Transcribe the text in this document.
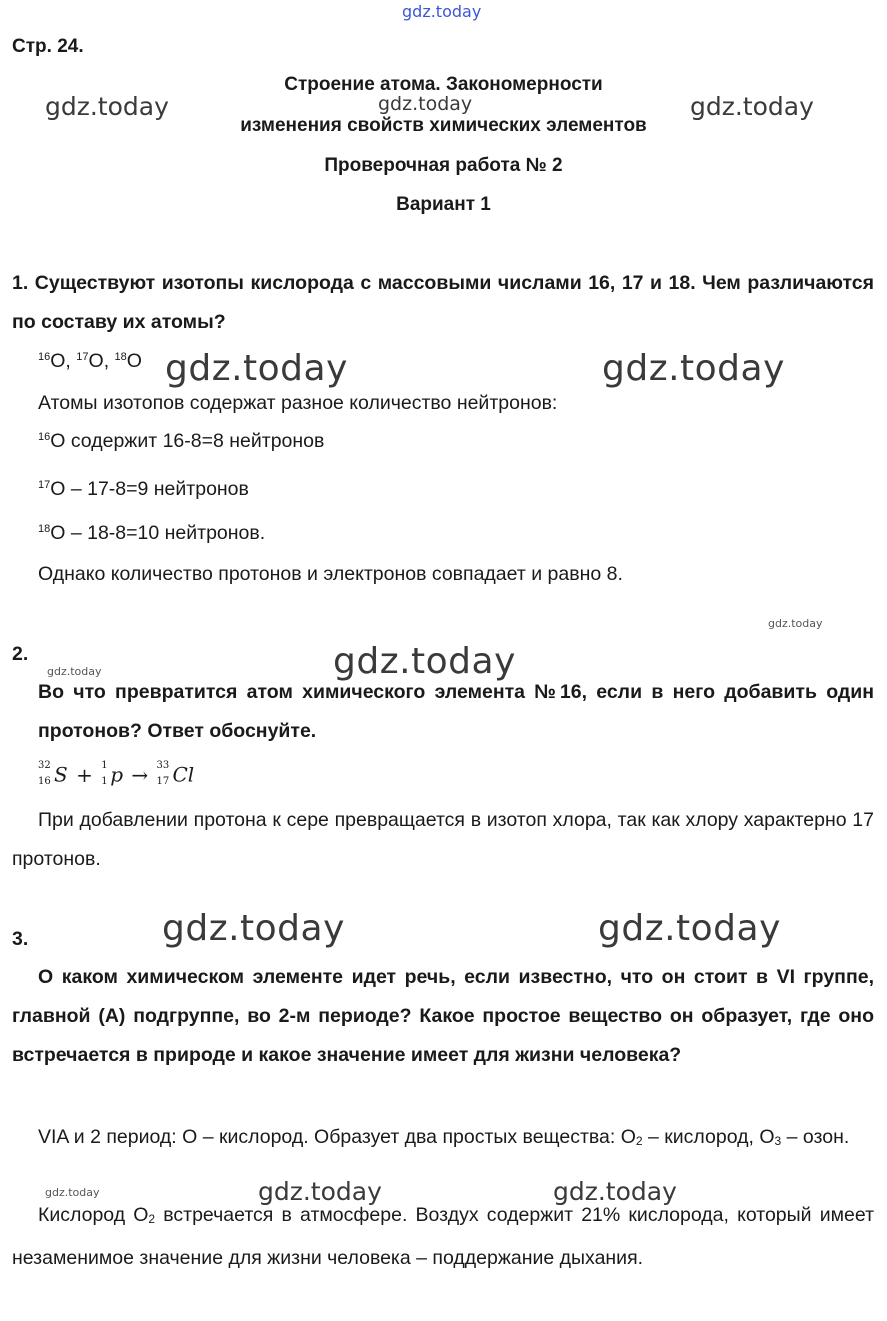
gdz.today
gdz.today	gdz.today	gdz.today
gdz.today	gdz.today
gdz.today
gdz.today	gdz.today
gdz.today	gdz.today
gdz.today	gdz.today	gdz.today
Стр. 24.
Строение атома. Закономерности
изменения свойств химических элементов
Проверочная работа № 2
Вариант 1
1. Существуют изотопы кислорода с массовыми числами 16, 17 и 18. Чем различаются по составу их атомы?
$^{16}$O, $^{17}$O, $^{18}$O
Атомы изотопов содержат разное количество нейтронов:
$^{16}$O содержит 16-8=8 нейтронов
$^{17}$O – 17-8=9 нейтронов
$^{18}$O – 18-8=10 нейтронов.
Однако количество протонов и электронов совпадает и равно 8.
2.
Во что превратится атом химического элемента №16, если в него добавить один протонов? Ответ обоснуйте.
32
16 S + 1
1 p → 33
17 Cl
При добавлении протона к сере превращается в изотоп хлора, так как хлору характерно 17 протонов.
3.
О каком химическом элементе идет речь, если известно, что он стоит в VI группе, главной (А) подгруппе, во 2-м периоде? Какое простое вещество он образует, где оно встречается в природе и какое значение имеет для жизни человека?
VIA и 2 период: O – кислород. Образует два простых вещества: $O_2$ – кислород, $O_3$ – озон.
Кислород $O_2$ встречается в атмосфере. Воздух содержит 21% кислорода, который имеет незаменимое значение для жизни человека – поддержание дыхания.
